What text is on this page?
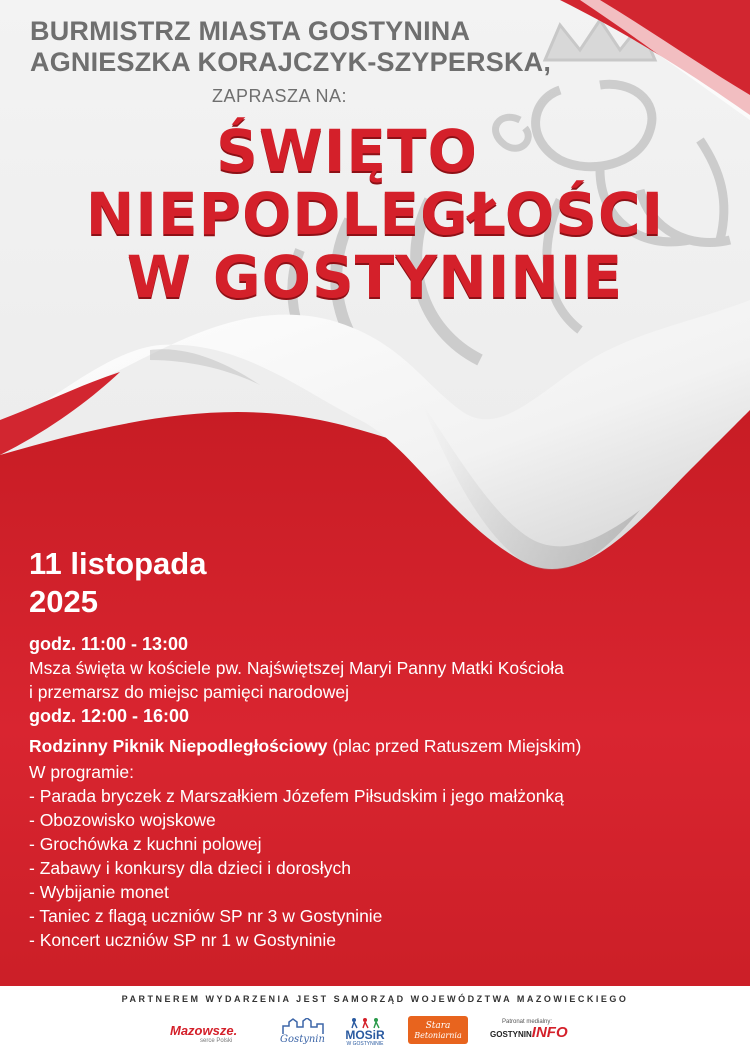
BURMISTRZ MIASTA GOSTYNINA
AGNIESZKA KORAJCZYK-SZYPERSKA,
ZAPRASZA NA:
ŚWIĘTO
NIEPODLEGŁOŚCI
W GOSTYNINIE
11 listopada
2025
godz. 11:00 - 13:00
Msza święta w kościele pw. Najświętszej Maryi Panny Matki Kościoła
i przemarsz do miejsc pamięci narodowej
godz. 12:00 - 16:00
Rodzinny Piknik Niepodległościowy (plac przed Ratuszem Miejskim)
W programie:
- Parada bryczek z Marszałkiem Józefem Piłsudskim i jego małżonką
- Obozowisko wojskowe
- Grochówka z kuchni polowej
- Zabawy i konkursy dla dzieci i dorosłych
- Wybijanie monet
- Taniec z flagą uczniów SP nr 3 w Gostyninie
- Koncert uczniów SP nr 1 w Gostyninie
PARTNEREM WYDARZENIA JEST SAMORZĄD WOJEWÓDZTWA MAZOWIECKIEGO
Mazowsze.
serce Polski	Gostynin MOSiR
W GOSTYNINIE
Stara
Betoniarnia
Patronat medialny:
GOSTYNININFO
